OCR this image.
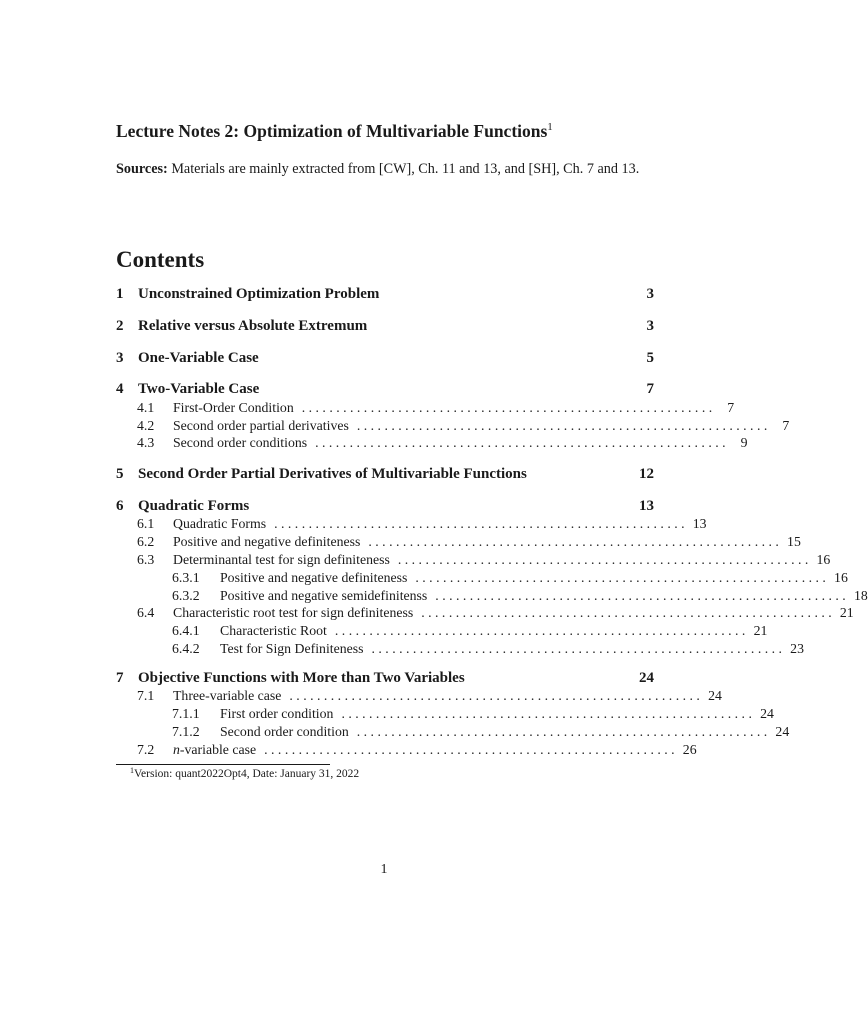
Lecture Notes 2: Optimization of Multivariable Functions$^1$
Sources: Materials are mainly extracted from [CW], Ch. 11 and 13, and [SH], Ch. 7 and 13.
Contents
1 Unconstrained Optimization Problem	3
2 Relative versus Absolute Extremum	3
3 One-Variable Case	5
4 Two-Variable Case	7
4.1	First-Order Condition . . . . . . . . . . . . . . . . . . . . . . . . . . . . . . . . . . . . . . . . . . . . . . . . . . . . . . . . . . . .	7
4.2	Second order partial derivatives . . . . . . . . . . . . . . . . . . . . . . . . . . . . . . . . . . . . . . . . . . . . . . . . . . . . . . . . . . . .	7
4.3	Second order conditions . . . . . . . . . . . . . . . . . . . . . . . . . . . . . . . . . . . . . . . . . . . . . . . . . . . . . . . . . . . .	9
5 Second Order Partial Derivatives of Multivariable Functions	12
6 Quadratic Forms	13
6.1	Quadratic Forms . . . . . . . . . . . . . . . . . . . . . . . . . . . . . . . . . . . . . . . . . . . . . . . . . . . . . . . . . . . . 13
6.2	Positive and negative definiteness . . . . . . . . . . . . . . . . . . . . . . . . . . . . . . . . . . . . . . . . . . . . . . . . . . . . . . . . . . . . 15
6.3	Determinantal test for sign definiteness . . . . . . . . . . . . . . . . . . . . . . . . . . . . . . . . . . . . . . . . . . . . . . . . . . . . . . . . . . . . 16
6.3.1	Positive and negative definiteness . . . . . . . . . . . . . . . . . . . . . . . . . . . . . . . . . . . . . . . . . . . . . . . . . . . . . . . . . . . . 16
6.3.2	Positive and negative semidefinitenss . . . . . . . . . . . . . . . . . . . . . . . . . . . . . . . . . . . . . . . . . . . . . . . . . . . . . . . . . . . . 18
6.4	Characteristic root test for sign definiteness . . . . . . . . . . . . . . . . . . . . . . . . . . . . . . . . . . . . . . . . . . . . . . . . . . . . . . . . . . . . 21
6.4.1	Characteristic Root . . . . . . . . . . . . . . . . . . . . . . . . . . . . . . . . . . . . . . . . . . . . . . . . . . . . . . . . . . . . 21
6.4.2	Test for Sign Definiteness . . . . . . . . . . . . . . . . . . . . . . . . . . . . . . . . . . . . . . . . . . . . . . . . . . . . . . . . . . . . 23
7 Objective Functions with More than Two Variables	24
7.1	Three-variable case . . . . . . . . . . . . . . . . . . . . . . . . . . . . . . . . . . . . . . . . . . . . . . . . . . . . . . . . . . . . 24
7.1.1	First order condition . . . . . . . . . . . . . . . . . . . . . . . . . . . . . . . . . . . . . . . . . . . . . . . . . . . . . . . . . . . . 24
7.1.2	Second order condition . . . . . . . . . . . . . . . . . . . . . . . . . . . . . . . . . . . . . . . . . . . . . . . . . . . . . . . . . . . . 24
7.2	n-variable case . . . . . . . . . . . . . . . . . . . . . . . . . . . . . . . . . . . . . . . . . . . . . . . . . . . . . . . . . . . . 26
$^1$Version: quant2022Opt4, Date: January 31, 2022
1
